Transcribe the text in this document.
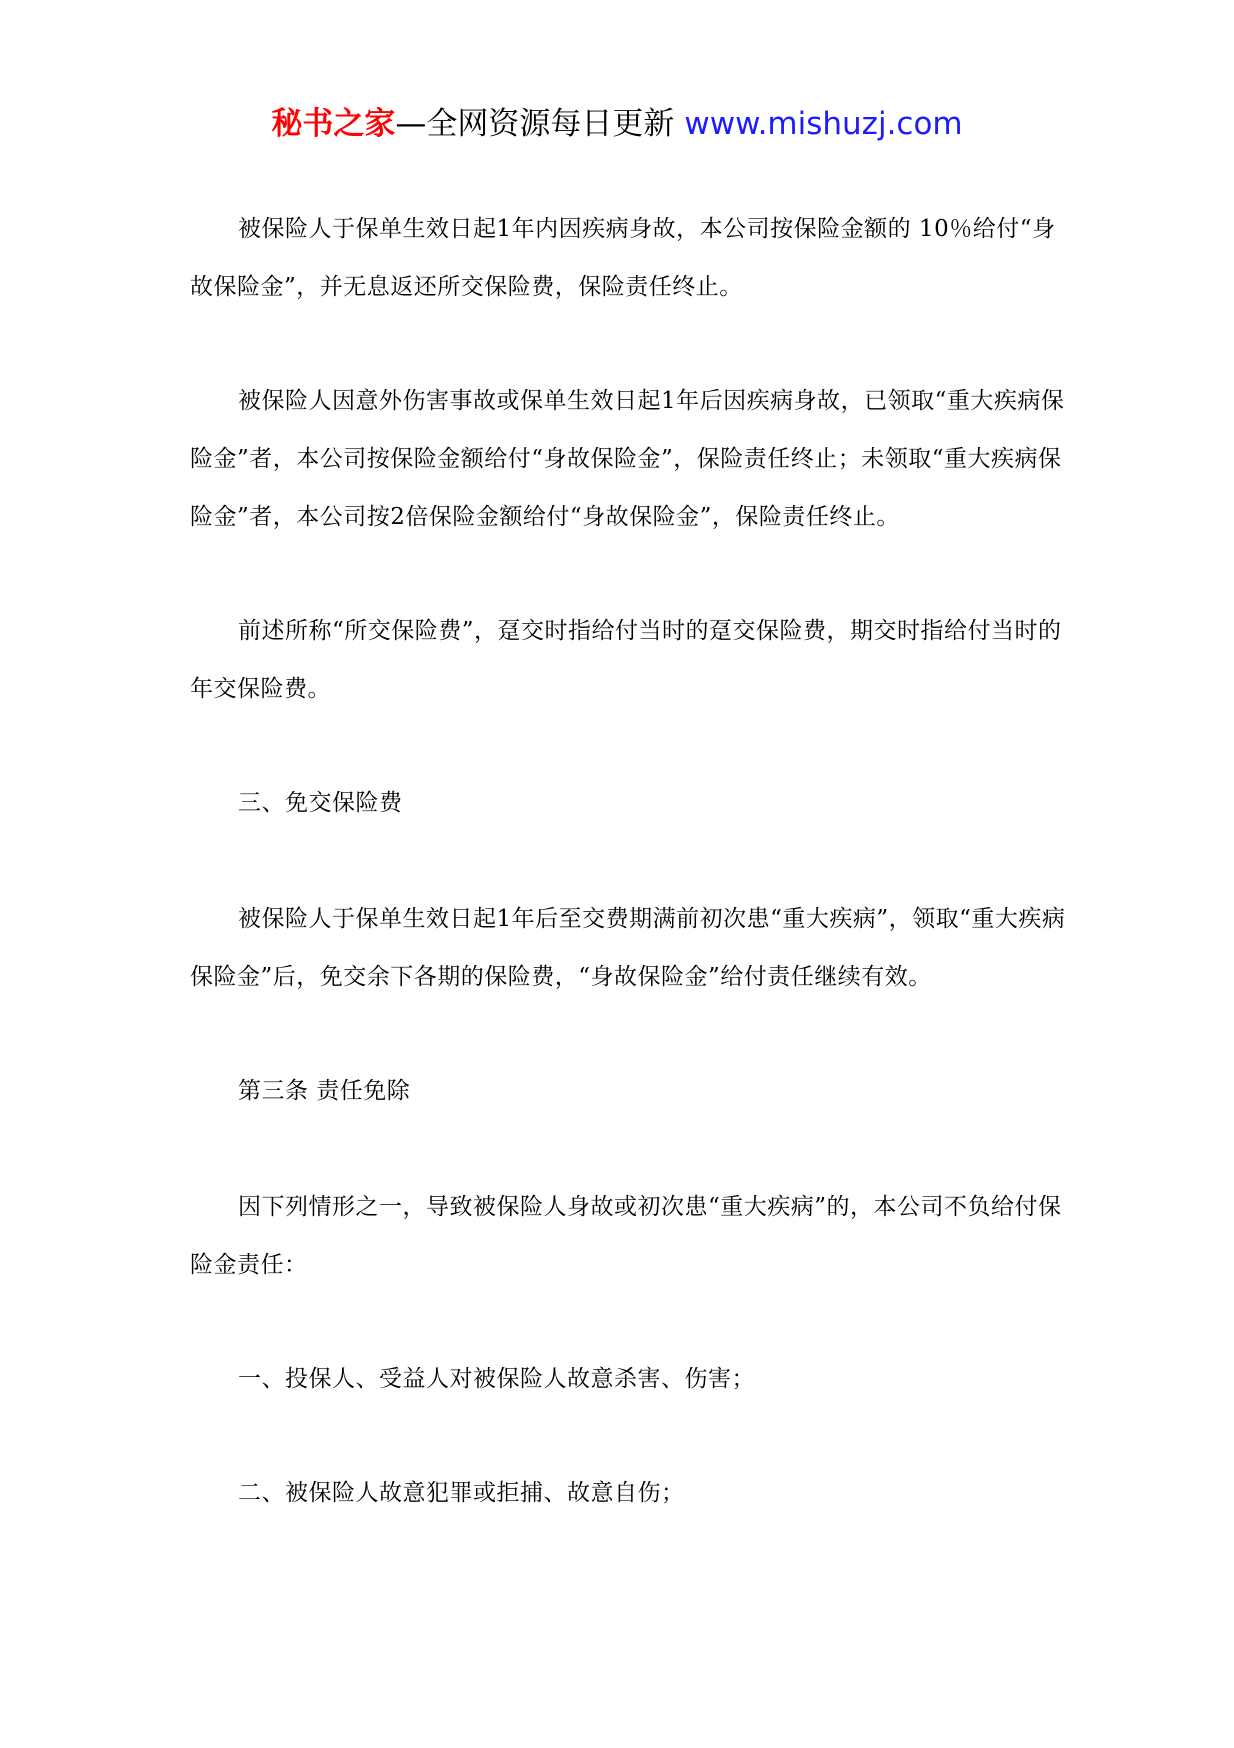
秘书之家—全网资源每日更新 www.mishuzj.com

被保险人于保单生效日起1年内因疾病身故，本公司按保险金额的 10％给付“身故保险金”，并无息返还所交保险费，保险责任终止。

被保险人因意外伤害事故或保单生效日起1年后因疾病身故，已领取“重大疾病保险金”者，本公司按保险金额给付“身故保险金”，保险责任终止；未领取“重大疾病保险金”者，本公司按2倍保险金额给付“身故保险金”，保险责任终止。

前述所称“所交保险费”，趸交时指给付当时的趸交保险费，期交时指给付当时的年交保险费。

三、免交保险费

被保险人于保单生效日起1年后至交费期满前初次患“重大疾病”，领取“重大疾病保险金”后，免交余下各期的保险费，“身故保险金”给付责任继续有效。

第三条 责任免除

因下列情形之一，导致被保险人身故或初次患“重大疾病”的，本公司不负给付保险金责任：

一、投保人、受益人对被保险人故意杀害、伤害；

二、被保险人故意犯罪或拒捕、故意自伤；
